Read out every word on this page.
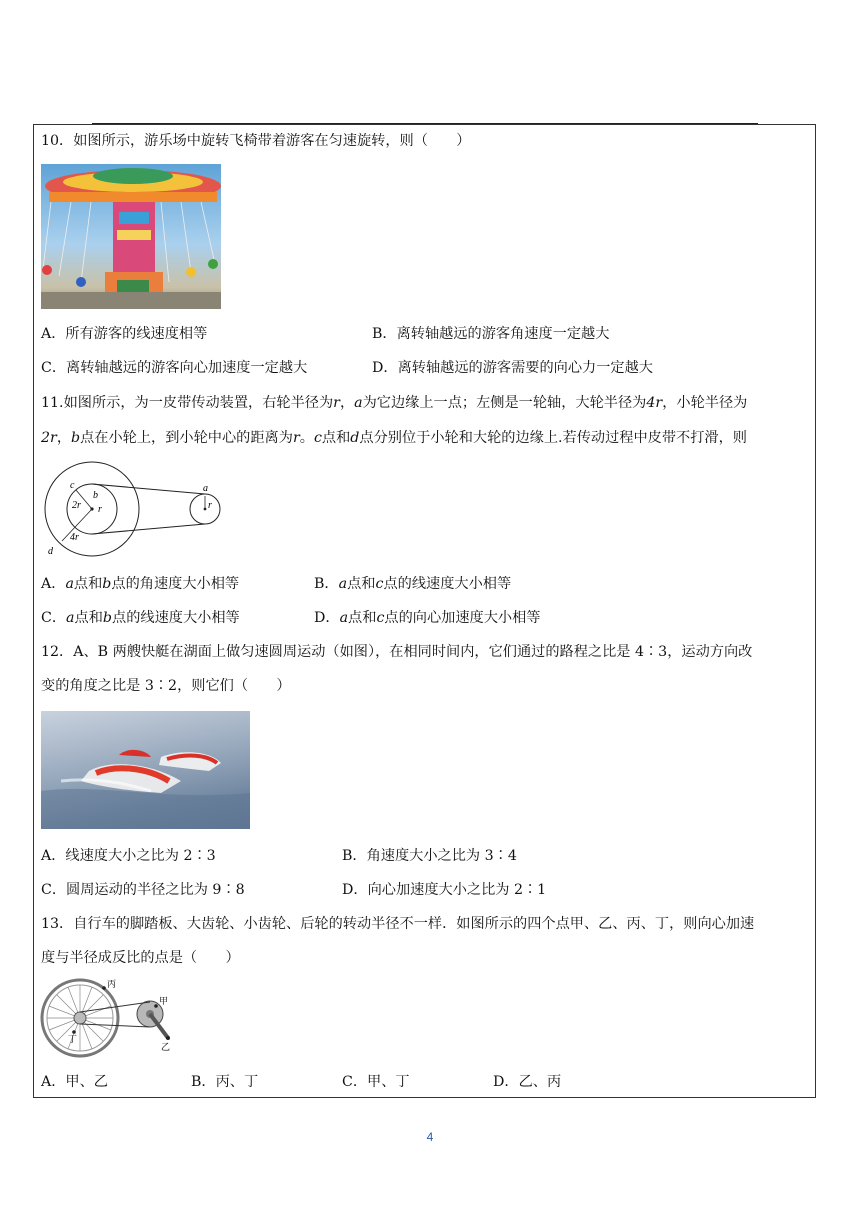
10．如图所示，游乐场中旋转飞椅带着游客在匀速旋转，则（　　）
A．所有游客的线速度相等	B．离转轴越远的游客角速度一定越大
C．离转轴越远的游客向心加速度一定越大	D．离转轴越远的游客需要的向心力一定越大
11.如图所示，为一皮带传动装置，右轮半径为r，a为它边缘上一点；左侧是一轮轴，大轮半径为4r，小轮半径为
2r，b点在小轮上，到小轮中心的距离为r。c点和d点分别位于小轮和大轮的边缘上.若传动过程中皮带不打滑，则
c
b
r
2r
4r
d
a
r
A．a点和b点的角速度大小相等	B．a点和c点的线速度大小相等
C．a点和b点的线速度大小相等	D．a点和c点的向心加速度大小相等
12．A、B 两艘快艇在湖面上做匀速圆周运动（如图），在相同时间内，它们通过的路程之比是 4∶3，运动方向改
变的角度之比是 3∶2，则它们（　　）
A．线速度大小之比为 2∶3	B．角速度大小之比为 3∶4
C．圆周运动的半径之比为 9∶8	D．向心加速度大小之比为 2∶1
13．自行车的脚踏板、大齿轮、小齿轮、后轮的转动半径不一样．如图所示的四个点甲、乙、丙、丁，则向心加速
度与半径成反比的点是（　　）
丙
甲
丁
乙
A．甲、乙	B．丙、丁	C．甲、丁	D．乙、丙
4
